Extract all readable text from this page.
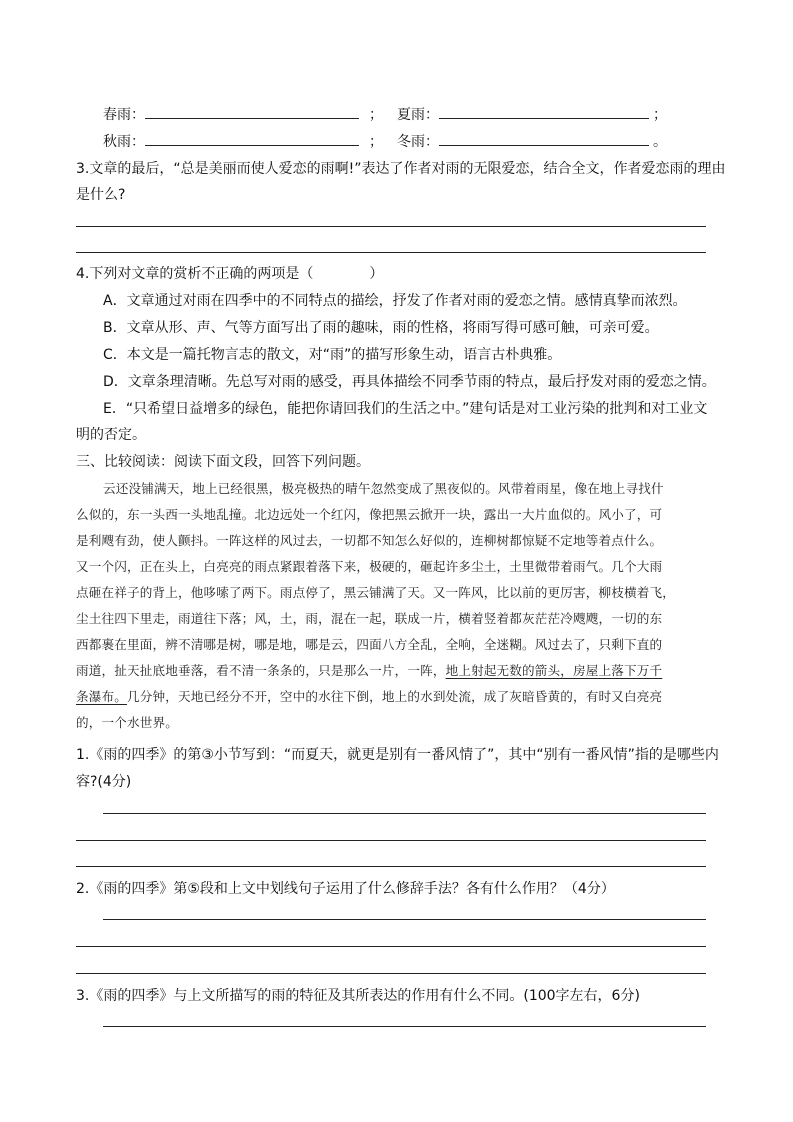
春雨：	； 夏雨：	；
秋雨：	； 冬雨：	。
3.文章的最后，“总是美丽而使人爱恋的雨啊!”表达了作者对雨的无限爱恋，结合全文，作者爱恋雨的理由
是什么?
4.下列对文章的赏析不正确的两项是（　　　　）
A．文章通过对雨在四季中的不同特点的描绘，抒发了作者对雨的爱恋之情。感情真挚而浓烈。
B．文章从形、声、气等方面写出了雨的趣味，雨的性格，将雨写得可感可触，可亲可爱。
C．本文是一篇托物言志的散文，对“雨”的描写形象生动，语言古朴典雅。
D．文章条理清晰。先总写对雨的感受，再具体描绘不同季节雨的特点，最后抒发对雨的爱恋之情。
E．“只希望日益增多的绿色，能把你请回我们的生活之中。”建句话是对工业污染的批判和对工业文
明的否定。
三、比较阅读：阅读下面文段，回答下列问题。
云还没铺满天，地上已经很黑，极亮极热的晴午忽然变成了黑夜似的。风带着雨星，像在地上寻找什
么似的，东一头西一头地乱撞。北边远处一个红闪，像把黑云掀开一块，露出一大片血似的。风小了，可
是利飕有劲，使人颤抖。一阵这样的风过去，一切都不知怎么好似的，连柳树都惊疑不定地等着点什么。
又一个闪，正在头上，白亮亮的雨点紧跟着落下来，极硬的，砸起许多尘土，土里微带着雨气。几个大雨
点砸在祥子的背上，他哆嗦了两下。雨点停了，黑云铺满了天。又一阵风，比以前的更厉害，柳枝横着飞，
尘土往四下里走，雨道往下落；风，土，雨，混在一起，联成一片，横着竖着都灰茫茫冷飕飕，一切的东
西都裹在里面，辨不清哪是树，哪是地，哪是云，四面八方全乱，全响，全迷糊。风过去了，只剩下直的
雨道，扯天扯底地垂落，看不清一条条的，只是那么一片，一阵，地上射起无数的箭头，房屋上落下万千
条瀑布。几分钟，天地已经分不开，空中的水往下倒，地上的水到处流，成了灰暗昏黄的，有时又白亮亮
的，一个水世界。
1.《雨的四季》的第③小节写到：“而夏天，就更是别有一番风情了”，其中“别有一番风情”指的是哪些内
容?(4分)
2.《雨的四季》第⑤段和上文中划线句子运用了什么修辞手法？各有什么作用？（4分）
3.《雨的四季》与上文所描写的雨的特征及其所表达的作用有什么不同。(100字左右，6分)
